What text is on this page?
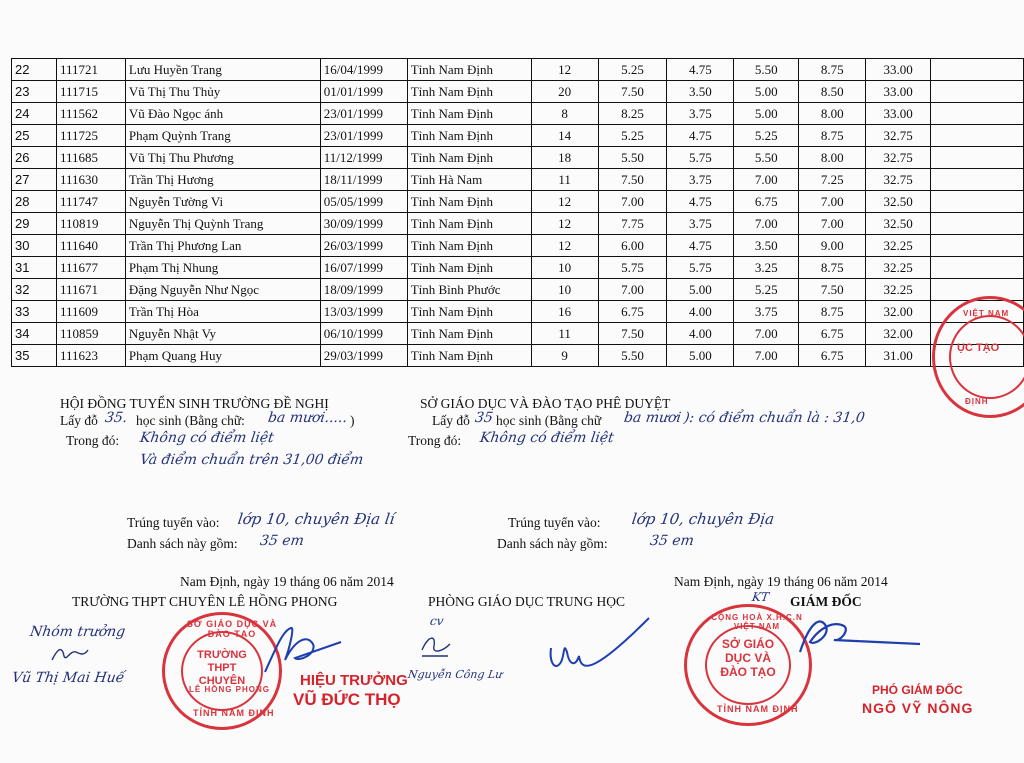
22	111721	Lưu Huyền Trang	16/04/1999	Tỉnh Nam Định	12	5.25	4.75	5.50	8.75	33.00	
23	111715	Vũ Thị Thu Thủy	01/01/1999	Tỉnh Nam Định	20	7.50	3.50	5.00	8.50	33.00	
24	111562	Vũ Đào Ngọc ánh	23/01/1999	Tỉnh Nam Định	8	8.25	3.75	5.00	8.00	33.00	
25	111725	Phạm Quỳnh Trang	23/01/1999	Tỉnh Nam Định	14	5.25	4.75	5.25	8.75	32.75	
26	111685	Vũ Thị Thu Phương	11/12/1999	Tỉnh Nam Định	18	5.50	5.75	5.50	8.00	32.75	
27	111630	Trần Thị Hương	18/11/1999	Tỉnh Hà Nam	11	7.50	3.75	7.00	7.25	32.75	
28	111747	Nguyễn Tường Vi	05/05/1999	Tỉnh Nam Định	12	7.00	4.75	6.75	7.00	32.50	
29	110819	Nguyễn Thị Quỳnh Trang	30/09/1999	Tỉnh Nam Định	12	7.75	3.75	7.00	7.00	32.50	
30	111640	Trần Thị Phương Lan	26/03/1999	Tỉnh Nam Định	12	6.00	4.75	3.50	9.00	32.25	
31	111677	Phạm Thị Nhung	16/07/1999	Tỉnh Nam Định	10	5.75	5.75	3.25	8.75	32.25	
32	111671	Đặng Nguyễn Như Ngọc	18/09/1999	Tỉnh Bình Phước	10	7.00	5.00	5.25	7.50	32.25	
33	111609	Trần Thị Hòa	13/03/1999	Tỉnh Nam Định	16	6.75	4.00	3.75	8.75	32.00	
34	110859	Nguyễn Nhật Vy	06/10/1999	Tỉnh Nam Định	11	7.50	4.00	7.00	6.75	32.00	
35	111623	Phạm Quang Huy	29/03/1999	Tỉnh Nam Định	9	5.50	5.00	7.00	6.75	31.00	
HỘI ĐỒNG TUYỂN SINH TRƯỜNG ĐỀ NGHỊ
Lấy đỗ 35. học sinh (Bằng chữ: ba mươi..... )
Trong đó: Không có điểm liệt
Và điểm chuẩn trên 31,00 điểm
Trúng tuyển vào: lớp 10, chuyên Địa lí
Danh sách này gồm: 35 em
Nam Định, ngày 19 tháng 06 năm 2014
TRƯỜNG THPT CHUYÊN LÊ HỒNG PHONG
Nhóm trưởng
Vũ Thị Mai Huế
SỞ GIÁO DỤC VÀ ĐÀO TẠO
TRƯỜNG THPT CHUYÊN
LÊ HỒNG PHONG
TỈNH NAM ĐỊNH
HIỆU TRƯỞNG
VŨ ĐỨC THỌ
PHÒNG GIÁO DỤC TRUNG HỌC
cv
Nguyễn Công Lư
SỞ GIÁO DỤC VÀ ĐÀO TẠO PHÊ DUYỆT
Lấy đỗ 35 học sinh (Bằng chữ ba mươi ): có điểm chuẩn là : 31,0
Trong đó: Không có điểm liệt
Trúng tuyển vào: lớp 10, chuyên Địa
Danh sách này gồm:	35 em
Nam Định, ngày 19 tháng 06 năm 2014
KT GIÁM ĐỐC
CỘNG HOÀ X.H.C.N VIỆT NAM
SỞ GIÁO DỤC VÀ ĐÀO TẠO
TỈNH NAM ĐỊNH
PHÓ GIÁM ĐỐC
NGÔ VỸ NÔNG
VIỆT NAM
ỤC TẠO
ĐỊNH
